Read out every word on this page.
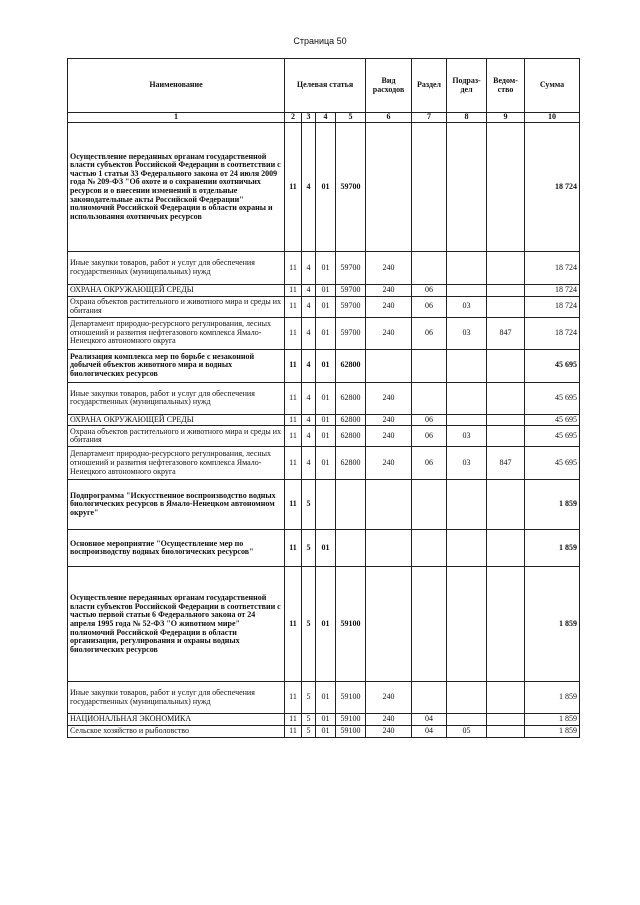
Страница 50
Наименование	Целевая статья				Вид расходов	Раздел	Подраз- дел	Ведом- ство	Сумма
1	2	3	4	5	6	7	8	9	10
Осуществление переданных органам государственной власти субъектов Российской Федерации в соответствии с частью 1 статьи 33 Федерального закона от 24 июля 2009 года № 209-ФЗ "Об охоте и о сохранении охотничьих ресурсов и о внесении изменений в отдельные законодательные акты Российской Федерации" полномочий Российской Федерации в области охраны и использования охотничьих ресурсов	11	4	01	59700					18 724
Иные закупки товаров, работ и услуг для обеспечения государственных (муниципальных) нужд	11	4	01	59700	240				18 724
ОХРАНА ОКРУЖАЮЩЕЙ СРЕДЫ	11	4	01	59700	240	06			18 724
Охрана объектов растительного и животного мира и среды их обитания	11	4	01	59700	240	06	03		18 724
Департамент природно-ресурсного регулирования, лесных отношений и развития нефтегазового комплекса Ямало-Ненецкого автономного округа	11	4	01	59700	240	06	03	847	18 724
Реализация комплекса мер по борьбе с незаконной добычей объектов животного мира и водных биологических ресурсов	11	4	01	62800					45 695
Иные закупки товаров, работ и услуг для обеспечения государственных (муниципальных) нужд	11	4	01	62800	240				45 695
ОХРАНА ОКРУЖАЮЩЕЙ СРЕДЫ	11	4	01	62800	240	06			45 695
Охрана объектов растительного и животного мира и среды их обитания	11	4	01	62800	240	06	03		45 695
Департамент природно-ресурсного регулирования, лесных отношений и развития нефтегазового комплекса Ямало-Ненецкого автономного округа	11	4	01	62800	240	06	03	847	45 695
Подпрограмма "Искусственное воспроизводство водных биологических ресурсов в Ямало-Ненецком автономном округе"	11	5							1 859
Основное мероприятие "Осуществление мер по воспроизводству водных биологических ресурсов"	11	5	01						1 859
Осуществление переданных органам государственной власти субъектов Российской Федерации в соответствии с частью первой статьи 6 Федерального закона от 24 апреля 1995 года № 52-ФЗ "О животном мире" полномочий Российской Федерации в области организации, регулирования и охраны водных биологических ресурсов	11	5	01	59100					1 859
Иные закупки товаров, работ и услуг для обеспечения государственных (муниципальных) нужд	11	5	01	59100	240				1 859
НАЦИОНАЛЬНАЯ ЭКОНОМИКА	11	5	01	59100	240	04			1 859
Сельское хозяйство и рыболовство	11	5	01	59100	240	04	05		1 859
